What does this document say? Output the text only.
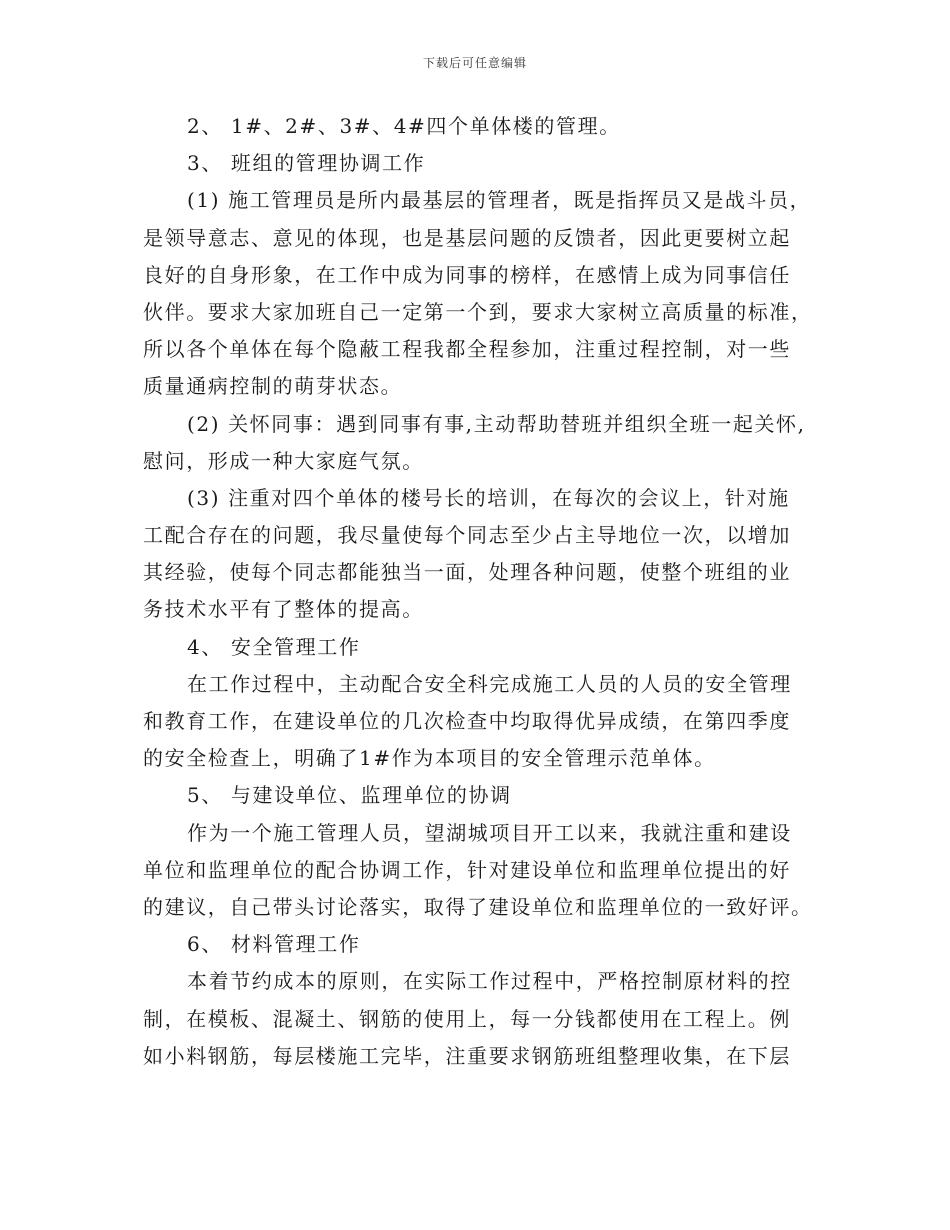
下载后可任意编辑
2、 1#、2#、3#、4#四个单体楼的管理。
3、 班组的管理协调工作
(1) 施工管理员是所内最基层的管理者，既是指挥员又是战斗员，
是领导意志、意见的体现，也是基层问题的反馈者，因此更要树立起
良好的自身形象，在工作中成为同事的榜样，在感情上成为同事信任
伙伴。要求大家加班自己一定第一个到，要求大家树立高质量的标准，
所以各个单体在每个隐蔽工程我都全程参加，注重过程控制，对一些
质量通病控制的萌芽状态。
(2) 关怀同事：遇到同事有事,主动帮助替班并组织全班一起关怀,
慰问，形成一种大家庭气氛。
(3) 注重对四个单体的楼号长的培训，在每次的会议上，针对施
工配合存在的问题，我尽量使每个同志至少占主导地位一次，以增加
其经验，使每个同志都能独当一面，处理各种问题，使整个班组的业
务技术水平有了整体的提高。
4、 安全管理工作
在工作过程中，主动配合安全科完成施工人员的人员的安全管理
和教育工作，在建设单位的几次检查中均取得优异成绩，在第四季度
的安全检查上，明确了1#作为本项目的安全管理示范单体。
5、 与建设单位、监理单位的协调
作为一个施工管理人员，望湖城项目开工以来，我就注重和建设
单位和监理单位的配合协调工作，针对建设单位和监理单位提出的好
的建议，自己带头讨论落实，取得了建设单位和监理单位的一致好评。
6、 材料管理工作
本着节约成本的原则，在实际工作过程中，严格控制原材料的控
制，在模板、混凝土、钢筋的使用上，每一分钱都使用在工程上。例
如小料钢筋，每层楼施工完毕，注重要求钢筋班组整理收集，在下层
